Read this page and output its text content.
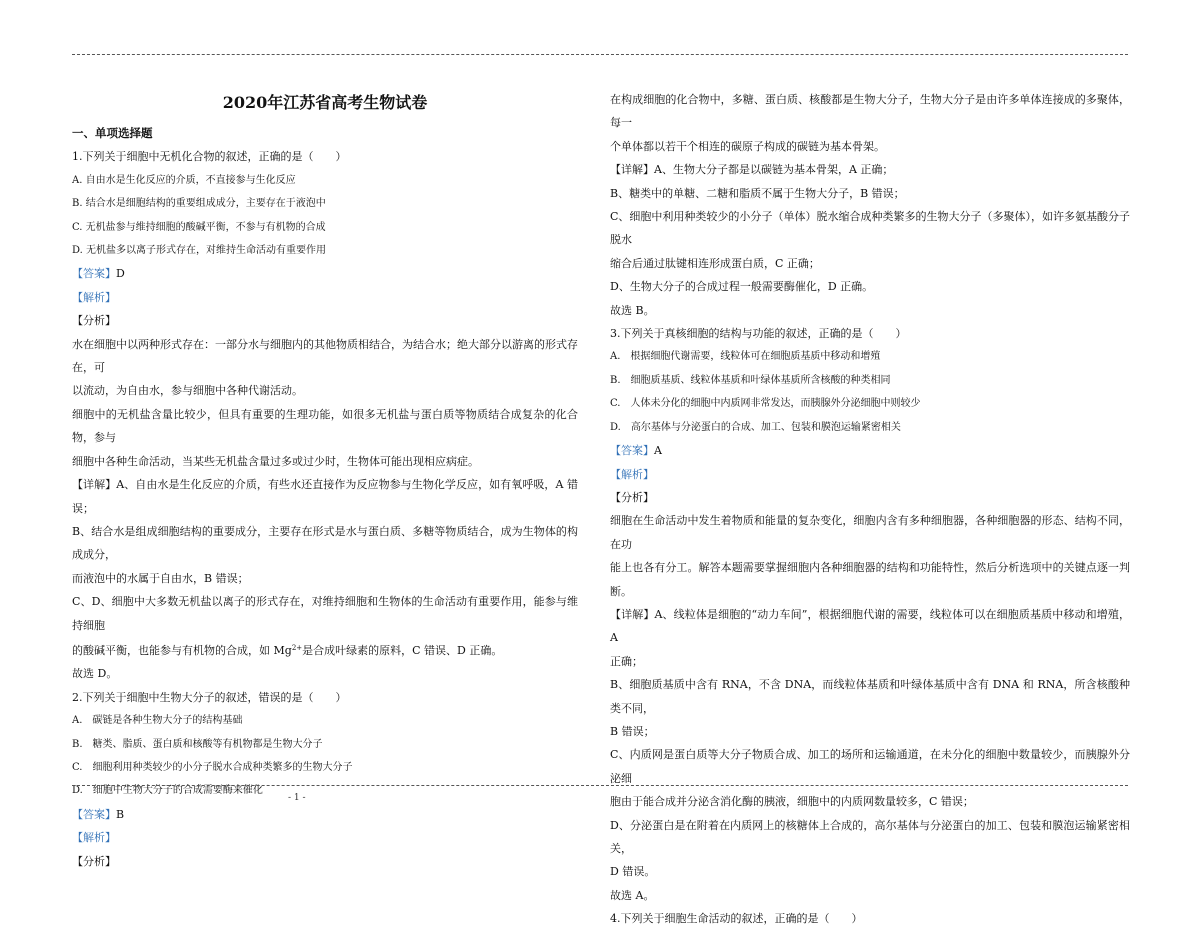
2020年江苏省高考生物试卷

一、单项选择题

1.下列关于细胞中无机化合物的叙述，正确的是（　　）

A. 自由水是生化反应的介质，不直接参与生化反应

B. 结合水是细胞结构的重要组成成分，主要存在于液泡中

C. 无机盐参与维持细胞的酸碱平衡，不参与有机物的合成

D. 无机盐多以离子形式存在，对维持生命活动有重要作用

【答案】D

【解析】

【分析】

水在细胞中以两种形式存在：一部分水与细胞内的其他物质相结合，为结合水；绝大部分以游离的形式存在，可

以流动，为自由水，参与细胞中各种代谢活动。

细胞中的无机盐含量比较少，但具有重要的生理功能，如很多无机盐与蛋白质等物质结合成复杂的化合物，参与

细胞中各种生命活动，当某些无机盐含量过多或过少时，生物体可能出现相应病症。

【详解】A、自由水是生化反应的介质，有些水还直接作为反应物参与生物化学反应，如有氧呼吸，A 错误；

B、结合水是组成细胞结构的重要成分，主要存在形式是水与蛋白质、多糖等物质结合，成为生物体的构成成分，

而液泡中的水属于自由水，B 错误；

C、D、细胞中大多数无机盐以离子的形式存在，对维持细胞和生物体的生命活动有重要作用，能参与维持细胞

的酸碱平衡，也能参与有机物的合成，如 $Mg^{2+}$是合成叶绿素的原料，C 错误、D 正确。

故选 D。

2.下列关于细胞中生物大分子的叙述，错误的是（　　）

A.　碳链是各种生物大分子的结构基础

B.　糖类、脂质、蛋白质和核酸等有机物都是生物大分子

C.　细胞利用种类较少的小分子脱水合成种类繁多的生物大分子

D.　细胞中生物大分子的合成需要酶来催化

【答案】B

【解析】

【分析】

在构成细胞的化合物中，多糖、蛋白质、核酸都是生物大分子，生物大分子是由许多单体连接成的多聚体，每一

个单体都以若干个相连的碳原子构成的碳链为基本骨架。

【详解】A、生物大分子都是以碳链为基本骨架，A 正确；

B、糖类中的单糖、二糖和脂质不属于生物大分子，B 错误；

C、细胞中利用种类较少的小分子（单体）脱水缩合成种类繁多的生物大分子（多聚体），如许多氨基酸分子脱水

缩合后通过肽键相连形成蛋白质，C 正确；

D、生物大分子的合成过程一般需要酶催化，D 正确。

故选 B。

3.下列关于真核细胞的结构与功能的叙述，正确的是（　　）

A.　根据细胞代谢需要，线粒体可在细胞质基质中移动和增殖

B.　细胞质基质、线粒体基质和叶绿体基质所含核酸的种类相同

C.　人体未分化的细胞中内质网非常发达，而胰腺外分泌细胞中则较少

D.　高尔基体与分泌蛋白的合成、加工、包装和膜泡运输紧密相关

【答案】A

【解析】

【分析】

细胞在生命活动中发生着物质和能量的复杂变化，细胞内含有多种细胞器，各种细胞器的形态、结构不同，在功

能上也各有分工。解答本题需要掌握细胞内各种细胞器的结构和功能特性，然后分析选项中的关键点逐一判断。

【详解】A、线粒体是细胞的“动力车间”，根据细胞代谢的需要，线粒体可以在细胞质基质中移动和增殖，A

正确；

B、细胞质基质中含有 RNA，不含 DNA，而线粒体基质和叶绿体基质中含有 DNA 和 RNA，所含核酸种类不同，

B 错误；

C、内质网是蛋白质等大分子物质合成、加工的场所和运输通道，在未分化的细胞中数量较少，而胰腺外分泌细

胞由于能合成并分泌含消化酶的胰液，细胞中的内质网数量较多，C 错误；

D、分泌蛋白是在附着在内质网上的核糖体上合成的，高尔基体与分泌蛋白的加工、包装和膜泡运输紧密相关，

D 错误。

故选 A。

4.下列关于细胞生命活动的叙述，正确的是（　　）

- 1 -
